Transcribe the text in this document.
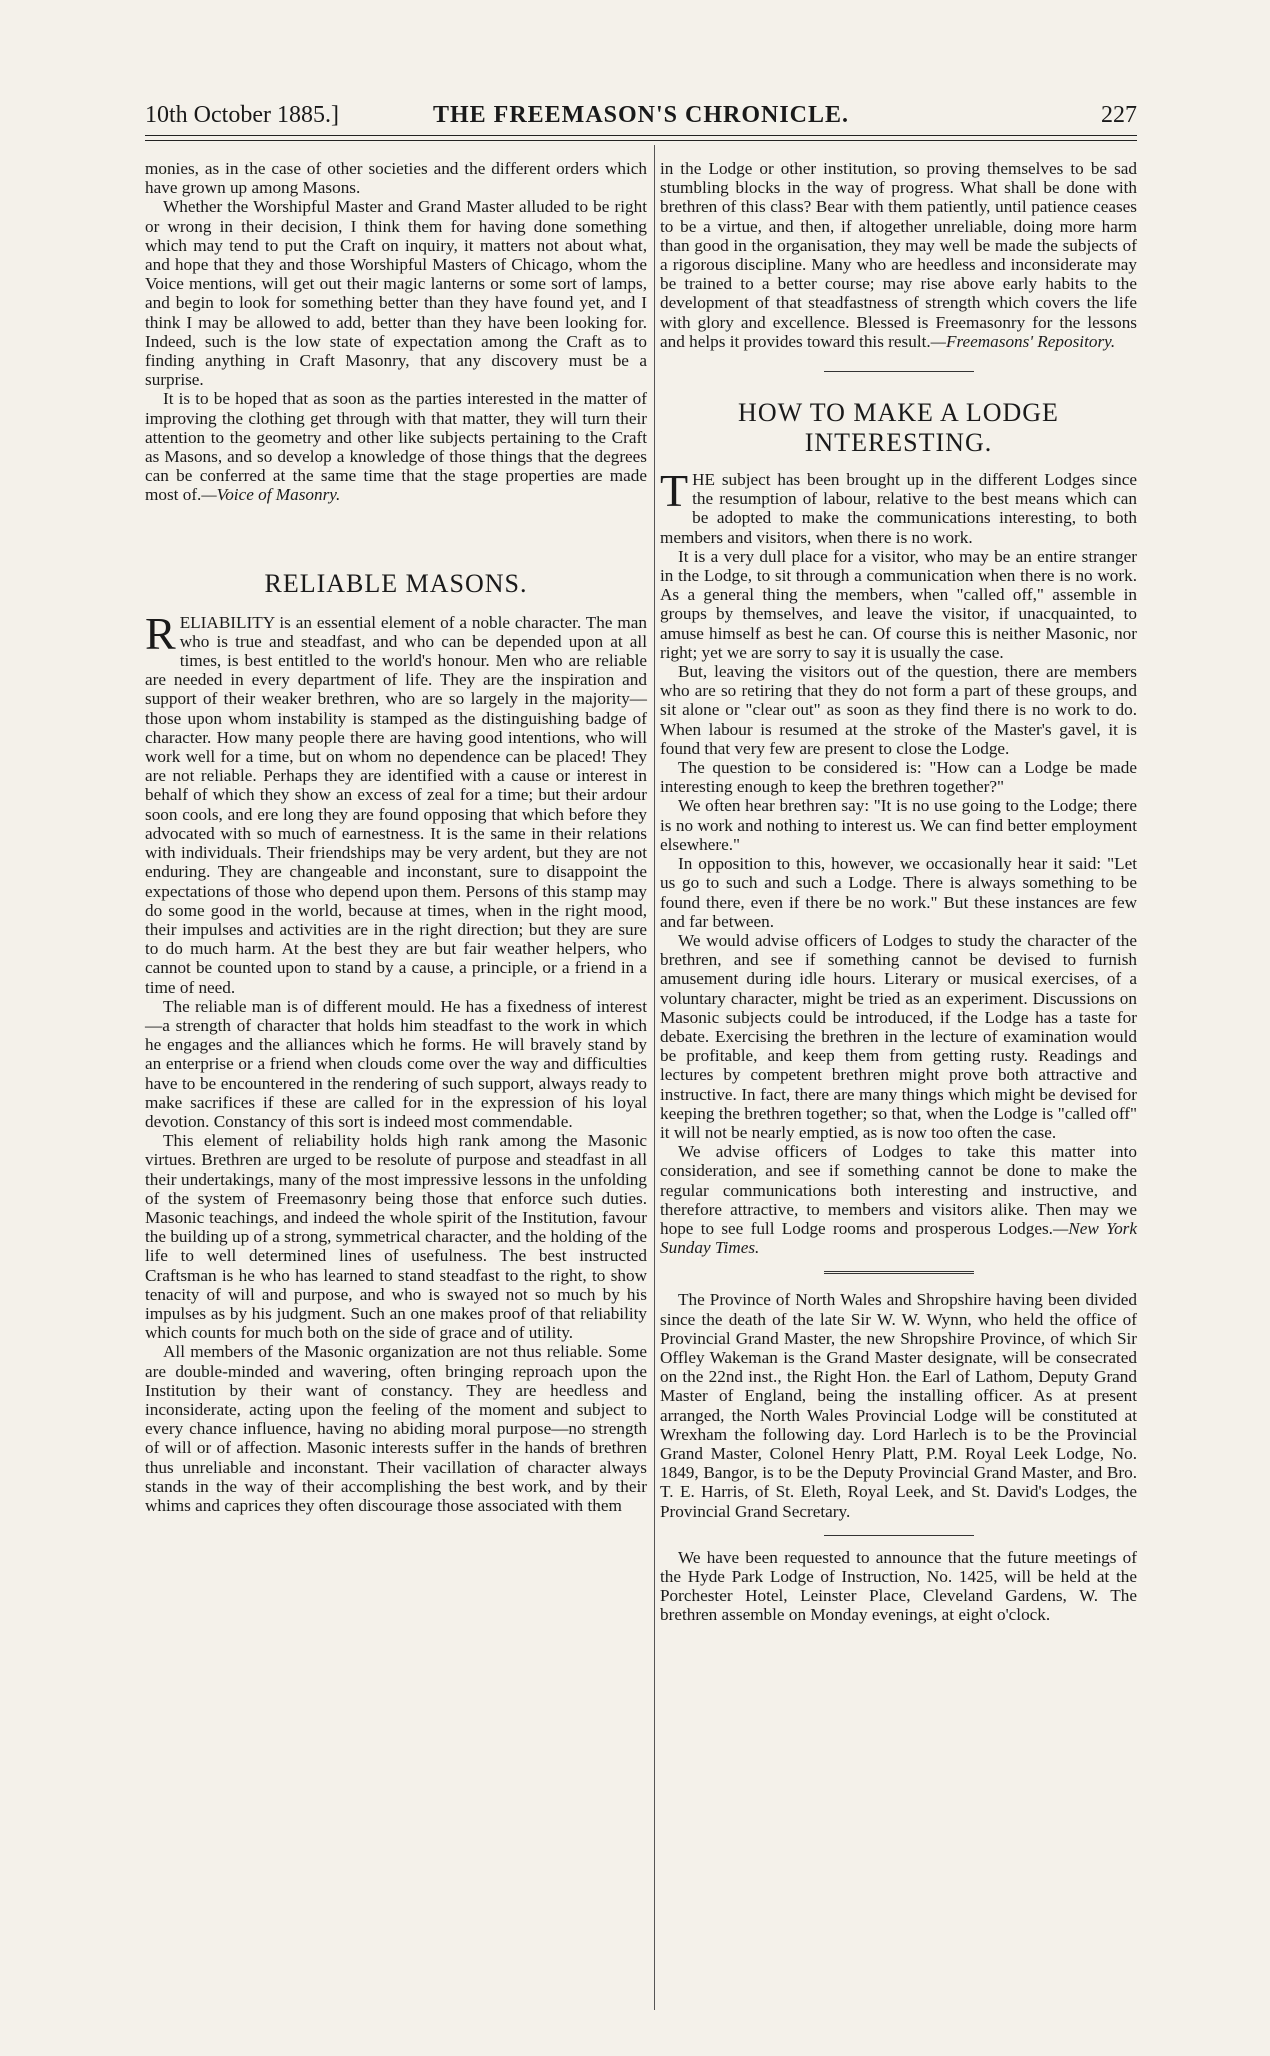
10th October 1885.]	THE FREEMASON'S CHRONICLE.	227

monies, as in the case of other societies and the different orders which have grown up among Masons.

Whether the Worshipful Master and Grand Master alluded to be right or wrong in their decision, I think them for having done something which may tend to put the Craft on inquiry, it matters not about what, and hope that they and those Worshipful Masters of Chicago, whom the Voice mentions, will get out their magic lanterns or some sort of lamps, and begin to look for something better than they have found yet, and I think I may be allowed to add, better than they have been looking for. Indeed, such is the low state of expectation among the Craft as to finding anything in Craft Masonry, that any discovery must be a surprise.

It is to be hoped that as soon as the parties interested in the matter of improving the clothing get through with that matter, they will turn their attention to the geometry and other like subjects pertaining to the Craft as Masons, and so develop a knowledge of those things that the degrees can be conferred at the same time that the stage properties are made most of.—Voice of Masonry.

RELIABLE MASONS.

RELIABILITY is an essential element of a noble character. The man who is true and steadfast, and who can be depended upon at all times, is best entitled to the world's honour. Men who are reliable are needed in every department of life. They are the inspiration and support of their weaker brethren, who are so largely in the majority—those upon whom instability is stamped as the distinguishing badge of character. How many people there are having good intentions, who will work well for a time, but on whom no dependence can be placed! They are not reliable. Perhaps they are identified with a cause or interest in behalf of which they show an excess of zeal for a time; but their ardour soon cools, and ere long they are found opposing that which before they advocated with so much of earnestness. It is the same in their relations with individuals. Their friendships may be very ardent, but they are not enduring. They are changeable and inconstant, sure to disappoint the expectations of those who depend upon them. Persons of this stamp may do some good in the world, because at times, when in the right mood, their impulses and activities are in the right direction; but they are sure to do much harm. At the best they are but fair weather helpers, who cannot be counted upon to stand by a cause, a principle, or a friend in a time of need.

The reliable man is of different mould. He has a fixedness of interest—a strength of character that holds him steadfast to the work in which he engages and the alliances which he forms. He will bravely stand by an enterprise or a friend when clouds come over the way and difficulties have to be encountered in the rendering of such support, always ready to make sacrifices if these are called for in the expression of his loyal devotion. Constancy of this sort is indeed most commendable.

This element of reliability holds high rank among the Masonic virtues. Brethren are urged to be resolute of purpose and steadfast in all their undertakings, many of the most impressive lessons in the unfolding of the system of Freemasonry being those that enforce such duties. Masonic teachings, and indeed the whole spirit of the Institution, favour the building up of a strong, symmetrical character, and the holding of the life to well determined lines of usefulness. The best instructed Craftsman is he who has learned to stand steadfast to the right, to show tenacity of will and purpose, and who is swayed not so much by his impulses as by his judgment. Such an one makes proof of that reliability which counts for much both on the side of grace and of utility.

All members of the Masonic organization are not thus reliable. Some are double-minded and wavering, often bringing reproach upon the Institution by their want of constancy. They are heedless and inconsiderate, acting upon the feeling of the moment and subject to every chance influence, having no abiding moral purpose—no strength of will or of affection. Masonic interests suffer in the hands of brethren thus unreliable and inconstant. Their vacillation of character always stands in the way of their accomplishing the best work, and by their whims and caprices they often discourage those associated with them

in the Lodge or other institution, so proving themselves to be sad stumbling blocks in the way of progress. What shall be done with brethren of this class? Bear with them patiently, until patience ceases to be a virtue, and then, if altogether unreliable, doing more harm than good in the organisation, they may well be made the subjects of a rigorous discipline. Many who are heedless and inconsiderate may be trained to a better course; may rise above early habits to the development of that steadfastness of strength which covers the life with glory and excellence. Blessed is Freemasonry for the lessons and helps it provides toward this result.—Freemasons' Repository.

HOW TO MAKE A LODGE INTERESTING.

THE subject has been brought up in the different Lodges since the resumption of labour, relative to the best means which can be adopted to make the communications interesting, to both members and visitors, when there is no work.

It is a very dull place for a visitor, who may be an entire stranger in the Lodge, to sit through a communication when there is no work. As a general thing the members, when "called off," assemble in groups by themselves, and leave the visitor, if unacquainted, to amuse himself as best he can. Of course this is neither Masonic, nor right; yet we are sorry to say it is usually the case.

But, leaving the visitors out of the question, there are members who are so retiring that they do not form a part of these groups, and sit alone or "clear out" as soon as they find there is no work to do. When labour is resumed at the stroke of the Master's gavel, it is found that very few are present to close the Lodge.

The question to be considered is: "How can a Lodge be made interesting enough to keep the brethren together?"

We often hear brethren say: "It is no use going to the Lodge; there is no work and nothing to interest us. We can find better employment elsewhere."

In opposition to this, however, we occasionally hear it said: "Let us go to such and such a Lodge. There is always something to be found there, even if there be no work." But these instances are few and far between.

We would advise officers of Lodges to study the character of the brethren, and see if something cannot be devised to furnish amusement during idle hours. Literary or musical exercises, of a voluntary character, might be tried as an experiment. Discussions on Masonic subjects could be introduced, if the Lodge has a taste for debate. Exercising the brethren in the lecture of examination would be profitable, and keep them from getting rusty. Readings and lectures by competent brethren might prove both attractive and instructive. In fact, there are many things which might be devised for keeping the brethren together; so that, when the Lodge is "called off" it will not be nearly emptied, as is now too often the case.

We advise officers of Lodges to take this matter into consideration, and see if something cannot be done to make the regular communications both interesting and instructive, and therefore attractive, to members and visitors alike. Then may we hope to see full Lodge rooms and prosperous Lodges.—New York Sunday Times.

The Province of North Wales and Shropshire having been divided since the death of the late Sir W. W. Wynn, who held the office of Provincial Grand Master, the new Shropshire Province, of which Sir Offley Wakeman is the Grand Master designate, will be consecrated on the 22nd inst., the Right Hon. the Earl of Lathom, Deputy Grand Master of England, being the installing officer. As at present arranged, the North Wales Provincial Lodge will be constituted at Wrexham the following day. Lord Harlech is to be the Provincial Grand Master, Colonel Henry Platt, P.M. Royal Leek Lodge, No. 1849, Bangor, is to be the Deputy Provincial Grand Master, and Bro. T. E. Harris, of St. Eleth, Royal Leek, and St. David's Lodges, the Provincial Grand Secretary.

We have been requested to announce that the future meetings of the Hyde Park Lodge of Instruction, No. 1425, will be held at the Porchester Hotel, Leinster Place, Cleveland Gardens, W. The brethren assemble on Monday evenings, at eight o'clock.
